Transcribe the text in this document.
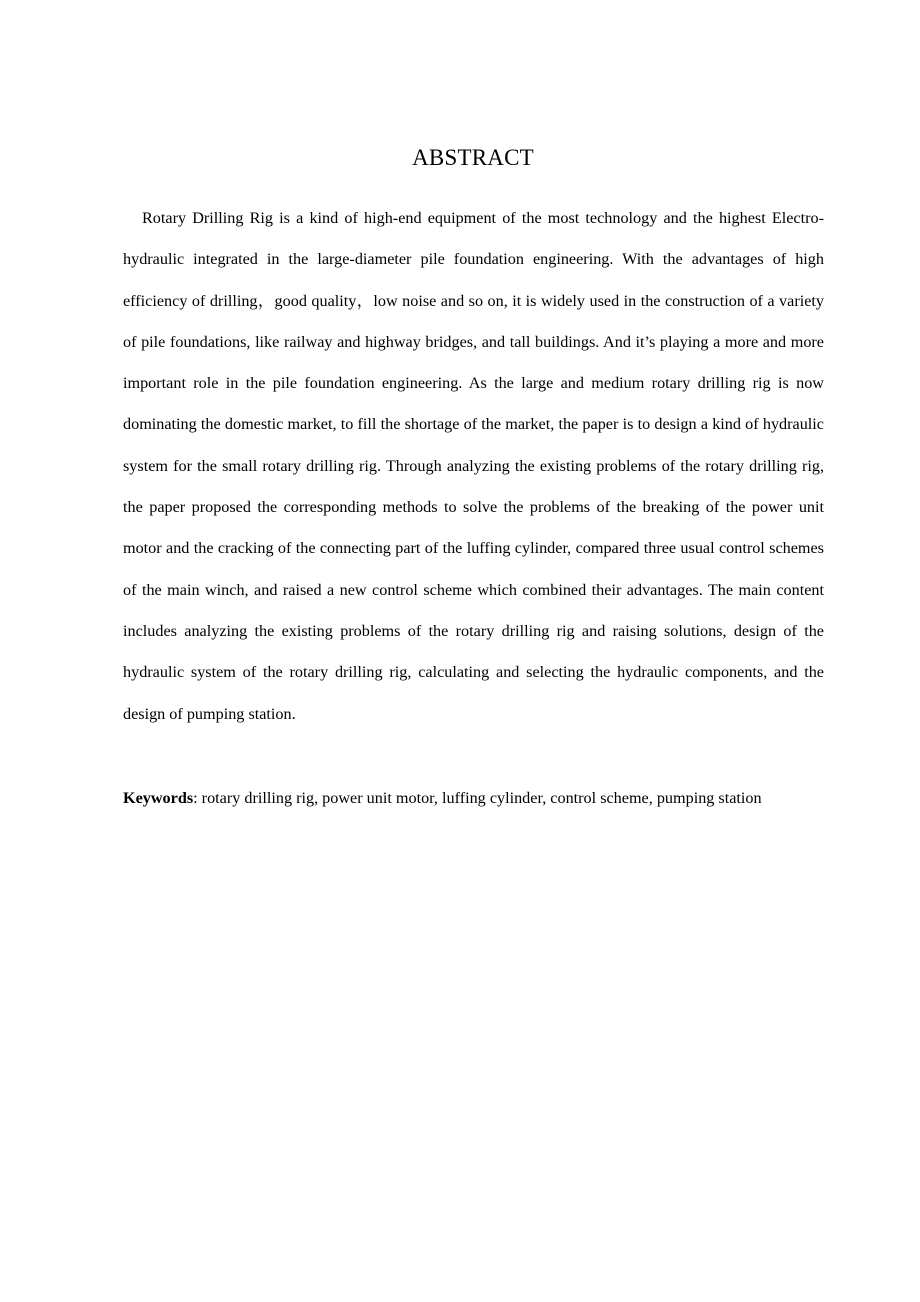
ABSTRACT

Rotary Drilling Rig is a kind of high-end equipment of the most technology and the highest Electro-hydraulic integrated in the large-diameter pile foundation engineering. With the advantages of high efficiency of drilling，good quality，low noise and so on, it is widely used in the construction of a variety of pile foundations, like railway and highway bridges, and tall buildings. And it’s playing a more and more important role in the pile foundation engineering. As the large and medium rotary drilling rig is now dominating the domestic market, to fill the shortage of the market, the paper is to design a kind of hydraulic system for the small rotary drilling rig. Through analyzing the existing problems of the rotary drilling rig, the paper proposed the corresponding methods to solve the problems of the breaking of the power unit motor and the cracking of the connecting part of the luffing cylinder, compared three usual control schemes of the main winch, and raised a new control scheme which combined their advantages. The main content includes analyzing the existing problems of the rotary drilling rig and raising solutions, design of the hydraulic system of the rotary drilling rig, calculating and selecting the hydraulic components, and the design of pumping station.

Keywords: rotary drilling rig, power unit motor, luffing cylinder, control scheme, pumping station
